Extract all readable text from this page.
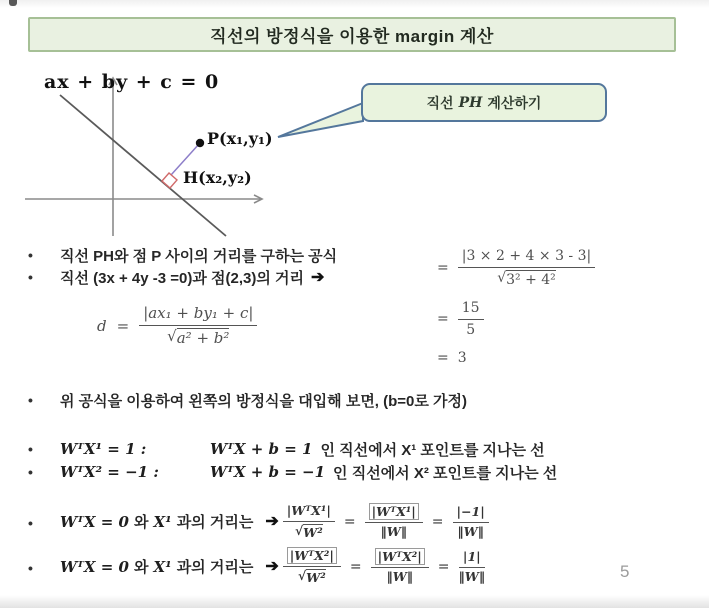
직선의 방정식을 이용한 margin 계산
ax + by + c = 0
P(x₁,y₁)
H(x₂,y₂)
직선 PH 계산하기
•	직선 PH와 점 P 사이의 거리를 구하는 공식
•	직선 (3x + 4y -3 =0)과 점(2,3)의 거리 ➔
$d = \frac{\text{|ax₁ + by₁ + c|}}{\text{√ a² + b²}}$
= $\frac{|3 \times 2 + 4 \times 3 - 3|}{\text{√ 3² + 4²}}$
= $\frac{15}{5}$
= 3
•	위 공식을 이용하여 왼쪽의 방정식을 대입해 보면, (b=0로 가정)
•	WᵀX¹ = 1 :	WᵀX + b = 1 인 직선에서 X¹ 포인트를 지나는 선
•	WᵀX² = −1 :	WᵀX + b = −1 인 직선에서 X² 포인트를 지나는 선
•	WᵀX = 0 와 X¹ 과의 거리는 ➔ $\frac{\text{|WᵀX¹|}}{\text{√ W²}} = \frac{\text{|WᵀX¹|}}{‖W‖} = \frac{|-1|}{‖W‖}$
•	WᵀX = 0 와 X¹ 과의 거리는 ➔ $\frac{\text{|WᵀX²|}}{\text{√ W²}} = \frac{\text{|WᵀX²|}}{‖W‖} = \frac{|1|}{‖W‖}$	5
